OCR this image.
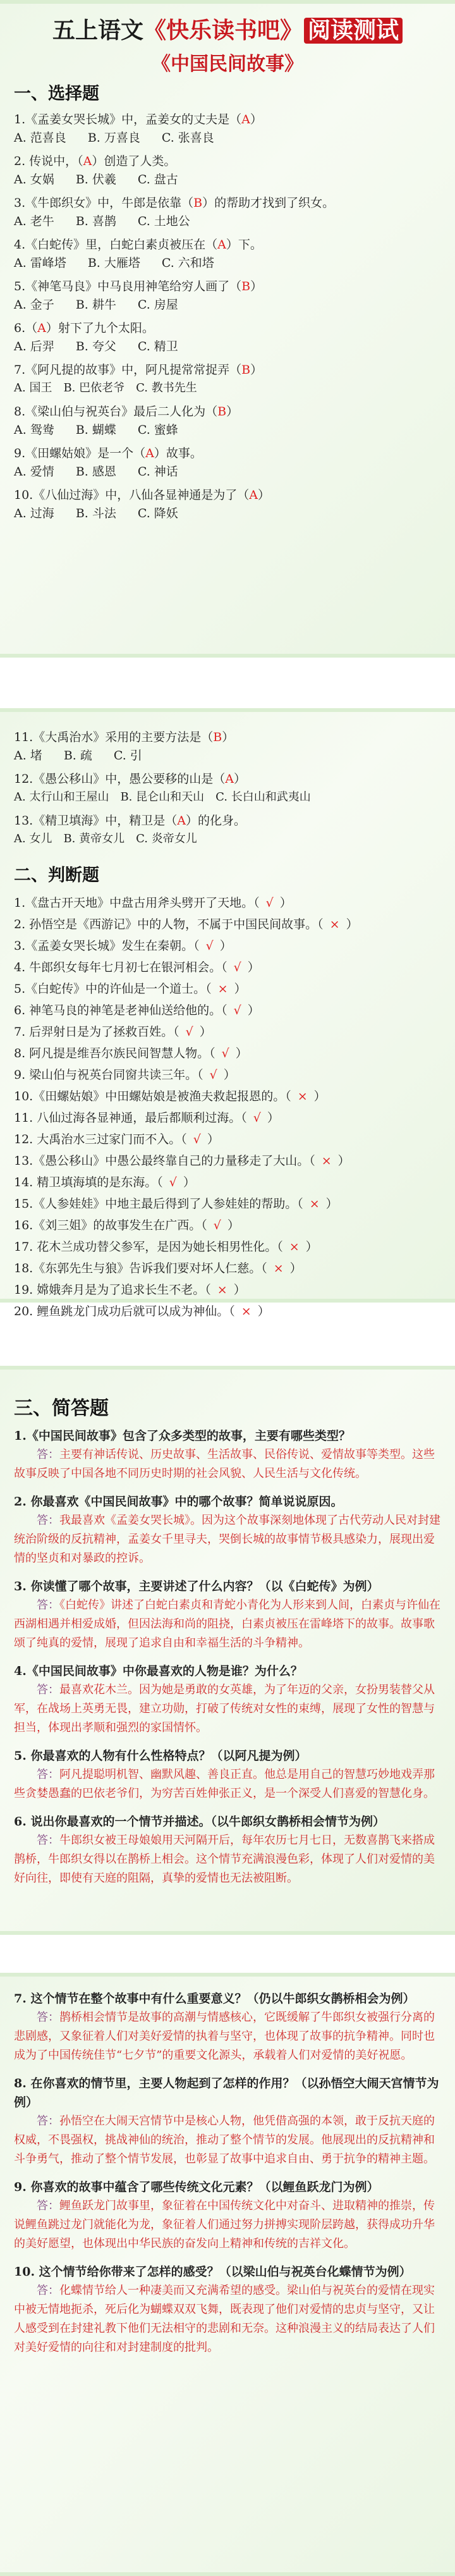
五上语文《快乐读书吧》 阅读测试
《中国民间故事》
一、选择题
1.《孟姜女哭长城》中，孟姜女的丈夫是（A）
A. 范喜良 B. 万喜良 C. 张喜良
2. 传说中，（A）创造了人类。
A. 女娲 B. 伏羲 C. 盘古
3.《牛郎织女》中，牛郎是依靠（B）的帮助才找到了织女。
A. 老牛 B. 喜鹊 C. 土地公
4.《白蛇传》里，白蛇白素贞被压在（A）下。
A. 雷峰塔 B. 大雁塔 C. 六和塔
5.《神笔马良》中马良用神笔给穷人画了（B）
A. 金子 B. 耕牛 C. 房屋
6.（A）射下了九个太阳。
A. 后羿 B. 夸父 C. 精卫
7.《阿凡提的故事》中，阿凡提常常捉弄（B）
A. 国王 B. 巴依老爷 C. 教书先生
8.《梁山伯与祝英台》最后二人化为（B）
A. 鸳鸯 B. 蝴蝶 C. 蜜蜂
9.《田螺姑娘》是一个（A）故事。
A. 爱情 B. 感恩 C. 神话
10.《八仙过海》中，八仙各显神通是为了（A）
A. 过海 B. 斗法 C. 降妖
11.《大禹治水》采用的主要方法是（B）
A. 堵 B. 疏 C. 引
12.《愚公移山》中，愚公要移的山是（A）
A. 太行山和王屋山 B. 昆仑山和天山 C. 长白山和武夷山
13.《精卫填海》中，精卫是（A）的化身。
A. 女儿 B. 黄帝女儿 C. 炎帝女儿
二、判断题
1.《盘古开天地》中盘古用斧头劈开了天地。（ √ ）
2. 孙悟空是《西游记》中的人物，不属于中国民间故事。（ × ）
3.《孟姜女哭长城》发生在秦朝。（ √ ）
4. 牛郎织女每年七月初七在银河相会。（ √ ）
5.《白蛇传》中的许仙是一个道士。（ × ）
6. 神笔马良的神笔是老神仙送给他的。（ √ ）
7. 后羿射日是为了拯救百姓。（ √ ）
8. 阿凡提是维吾尔族民间智慧人物。（ √ ）
9. 梁山伯与祝英台同窗共读三年。（ √ ）
10.《田螺姑娘》中田螺姑娘是被渔夫救起报恩的。（ × ）
11. 八仙过海各显神通，最后都顺利过海。（ √ ）
12. 大禹治水三过家门而不入。（ √ ）
13.《愚公移山》中愚公最终靠自己的力量移走了大山。（ × ）
14. 精卫填海填的是东海。（ √ ）
15.《人参娃娃》中地主最后得到了人参娃娃的帮助。（ × ）
16.《刘三姐》的故事发生在广西。（ √ ）
17. 花木兰成功替父参军，是因为她长相男性化。（ × ）
18.《东郭先生与狼》告诉我们要对坏人仁慈。（ × ）
19. 嫦娥奔月是为了追求长生不老。（ × ）
20. 鲤鱼跳龙门成功后就可以成为神仙。（ × ）
三、简答题
1.《中国民间故事》包含了众多类型的故事，主要有哪些类型？
答：主要有神话传说、历史故事、生活故事、民俗传说、爱情故事等类型。这些故事反映了中国各地不同历史时期的社会风貌、人民生活与文化传统。
2. 你最喜欢《中国民间故事》中的哪个故事？简单说说原因。
答：我最喜欢《孟姜女哭长城》。因为这个故事深刻地体现了古代劳动人民对封建统治阶级的反抗精神，孟姜女千里寻夫，哭倒长城的故事情节极具感染力，展现出爱情的坚贞和对暴政的控诉。
3. 你读懂了哪个故事，主要讲述了什么内容？（以《白蛇传》为例）
答：《白蛇传》讲述了白蛇白素贞和青蛇小青化为人形来到人间，白素贞与许仙在西湖相遇并相爱成婚，但因法海和尚的阻挠，白素贞被压在雷峰塔下的故事。故事歌颂了纯真的爱情，展现了追求自由和幸福生活的斗争精神。
4.《中国民间故事》中你最喜欢的人物是谁？为什么？
答：最喜欢花木兰。因为她是勇敢的女英雄，为了年迈的父亲，女扮男装替父从军，在战场上英勇无畏，建立功勋，打破了传统对女性的束缚，展现了女性的智慧与担当，体现出孝顺和强烈的家国情怀。
5. 你最喜欢的人物有什么性格特点？（以阿凡提为例）
答：阿凡提聪明机智、幽默风趣、善良正直。他总是用自己的智慧巧妙地戏弄那些贪婪愚蠢的巴依老爷们，为穷苦百姓伸张正义，是一个深受人们喜爱的智慧化身。
6. 说出你最喜欢的一个情节并描述。（以牛郎织女鹊桥相会情节为例）
答：牛郎织女被王母娘娘用天河隔开后，每年农历七月七日，无数喜鹊飞来搭成鹊桥，牛郎织女得以在鹊桥上相会。这个情节充满浪漫色彩，体现了人们对爱情的美好向往，即使有天庭的阻隔，真挚的爱情也无法被阻断。
7. 这个情节在整个故事中有什么重要意义？（仍以牛郎织女鹊桥相会为例）
答：鹊桥相会情节是故事的高潮与情感核心，它既缓解了牛郎织女被强行分离的悲剧感，又象征着人们对美好爱情的执着与坚守，也体现了故事的抗争精神。同时也成为了中国传统佳节“七夕节”的重要文化源头，承载着人们对爱情的美好祝愿。
8. 在你喜欢的情节里，主要人物起到了怎样的作用？（以孙悟空大闹天宫情节为例）
答：孙悟空在大闹天宫情节中是核心人物，他凭借高强的本领，敢于反抗天庭的权威，不畏强权，挑战神仙的统治，推动了整个情节的发展。他展现出的反抗精神和斗争勇气，推动了整个情节发展，也彰显了故事中追求自由、勇于抗争的精神主题。
9. 你喜欢的故事中蕴含了哪些传统文化元素？（以鲤鱼跃龙门为例）
答：鲤鱼跃龙门故事里，象征着在中国传统文化中对奋斗、进取精神的推崇，传说鲤鱼跳过龙门就能化为龙，象征着人们通过努力拼搏实现阶层跨越，获得成功升华的美好愿望，也体现出中华民族的奋发向上精神和传统的吉祥文化。
10. 这个情节给你带来了怎样的感受？（以梁山伯与祝英台化蝶情节为例）
答：化蝶情节给人一种凄美而又充满希望的感受。梁山伯与祝英台的爱情在现实中被无情地扼杀，死后化为蝴蝶双双飞舞，既表现了他们对爱情的忠贞与坚守，又让人感受到在封建礼教下他们无法相守的悲剧和无奈。这种浪漫主义的结局表达了人们对美好爱情的向往和对封建制度的批判。
